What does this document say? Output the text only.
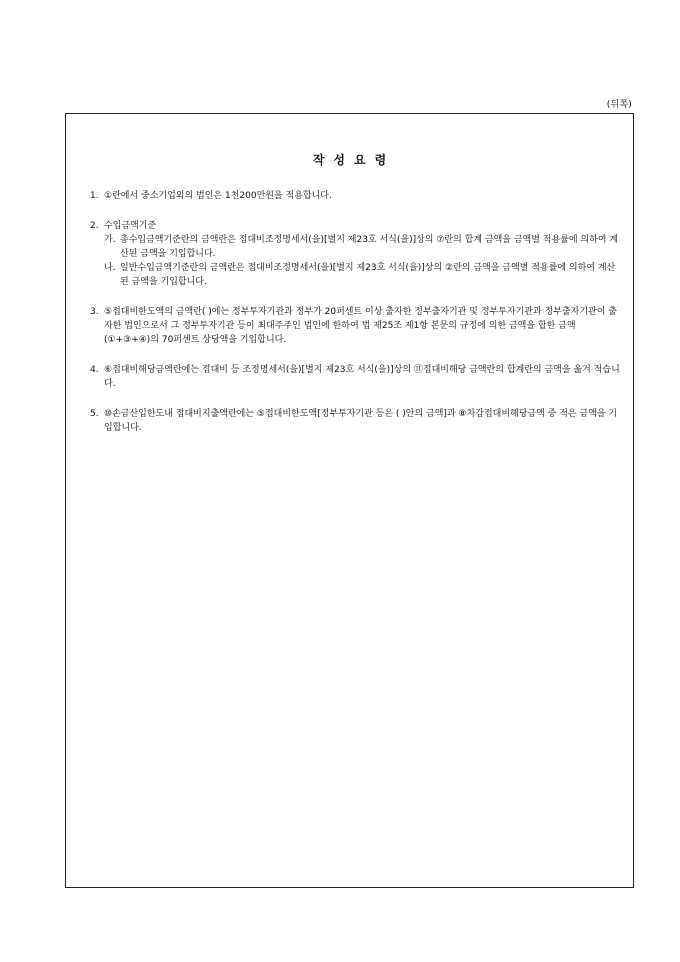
(뒤쪽)
작성요령
1. ①란에서 중소기업외의 법인은 1천200만원을 적용합니다.
2. 수입금액기준
가. 총수입금액기준란의 금액란은 접대비조정명세서(을)[별지 제23호 서식(을)]상의 ⑦란의 합계 금액을 금액별 적용률에 의하여 계산된 금액을 기입합니다.
나. 일반수입금액기준란의 금액란은 접대비조정명세서(을)[별지 제23호 서식(을)]상의 ②란의 금액을 금액별 적용률에 의하여 계산된 금액을 기입합니다.
3. ⑤접대비한도액의 금액란( )에는 정부투자기관과 정부가 20퍼센트 이상 출자한 정부출자기관 및 정부투자기관과 정부출자기관이 출자한 법인으로서 그 정부투자기관 등이 최대주주인 법인에 한하여 법 제25조 제1항 본문의 규정에 의한 금액을 합한 금액(①+③+④)의 70퍼센트 상당액을 기입합니다.
4. ⑥접대비해당금액란에는 접대비 등 조정명세서(을)[별지 제23호 서식(을)]상의 ⑪접대비해당 금액란의 합계란의 금액을 옮겨 적습니다.
5. ⑩손금산입한도내 접대비지출액란에는 ⑤접대비한도액[정부투자기관 등은 ( )안의 금액]과 ⑧차감접대비해당금액 중 적은 금액을 기입합니다.
